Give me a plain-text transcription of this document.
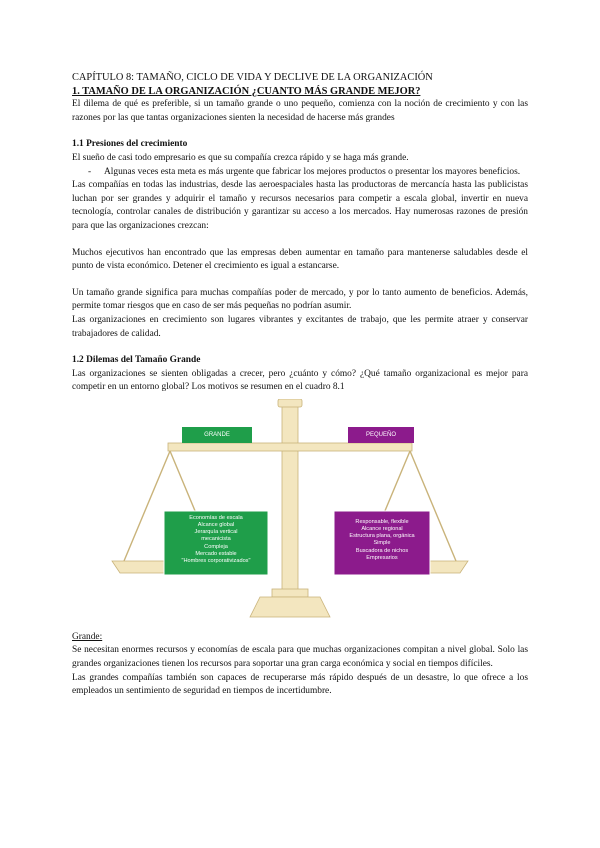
CAPÍTULO 8: TAMAÑO, CICLO DE VIDA Y DECLIVE DE LA ORGANIZACIÓN

1. TAMAÑO DE LA ORGANIZACIÓN ¿CUANTO MÁS GRANDE MEJOR?

El dilema de qué es preferible, si un tamaño grande o uno pequeño, comienza con la noción de crecimiento y con las razones por las que tantas organizaciones sienten la necesidad de hacerse más grandes

1.1 Presiones del crecimiento

El sueño de casi todo empresario es que su compañía crezca rápido y se haga más grande.

-	Algunas veces esta meta es más urgente que fabricar los mejores productos o presentar los mayores beneficios.

Las compañías en todas las industrias, desde las aeroespaciales hasta las productoras de mercancía hasta las publicistas luchan por ser grandes y adquirir el tamaño y recursos necesarios para competir a escala global, invertir en nueva tecnología, controlar canales de distribución y garantizar su acceso a los mercados. Hay numerosas razones de presión para que las organizaciones crezcan:

Muchos ejecutivos han encontrado que las empresas deben aumentar en tamaño para mantenerse saludables desde el punto de vista económico. Detener el crecimiento es igual a estancarse.

Un tamaño grande significa para muchas compañías poder de mercado, y por lo tanto aumento de beneficios. Además, permite tomar riesgos que en caso de ser más pequeñas no podrían asumir.

Las organizaciones en crecimiento son lugares vibrantes y excitantes de trabajo, que les permite atraer y conservar trabajadores de calidad.

1.2 Dilemas del Tamaño Grande

Las organizaciones se sienten obligadas a crecer, pero ¿cuánto y cómo? ¿Qué tamaño organizacional es mejor para competir en un entorno global? Los motivos se resumen en el cuadro 8.1

GRANDE	PEQUEÑO
Economías de escala
Alcance global
Jerarquía vertical
mecanicista
Compleja
Mercado estable
"Hombres corporativizados"
Responsable, flexible
Alcance regional
Estructura plana, orgánica
Simple
Buscadora de nichos
Empresarios

Grande:

Se necesitan enormes recursos y economías de escala para que muchas organizaciones compitan a nivel global. Solo las grandes organizaciones tienen los recursos para soportar una gran carga económica y social en tiempos difíciles.

Las grandes compañías también son capaces de recuperarse más rápido después de un desastre, lo que ofrece a los empleados un sentimiento de seguridad en tiempos de incertidumbre.
